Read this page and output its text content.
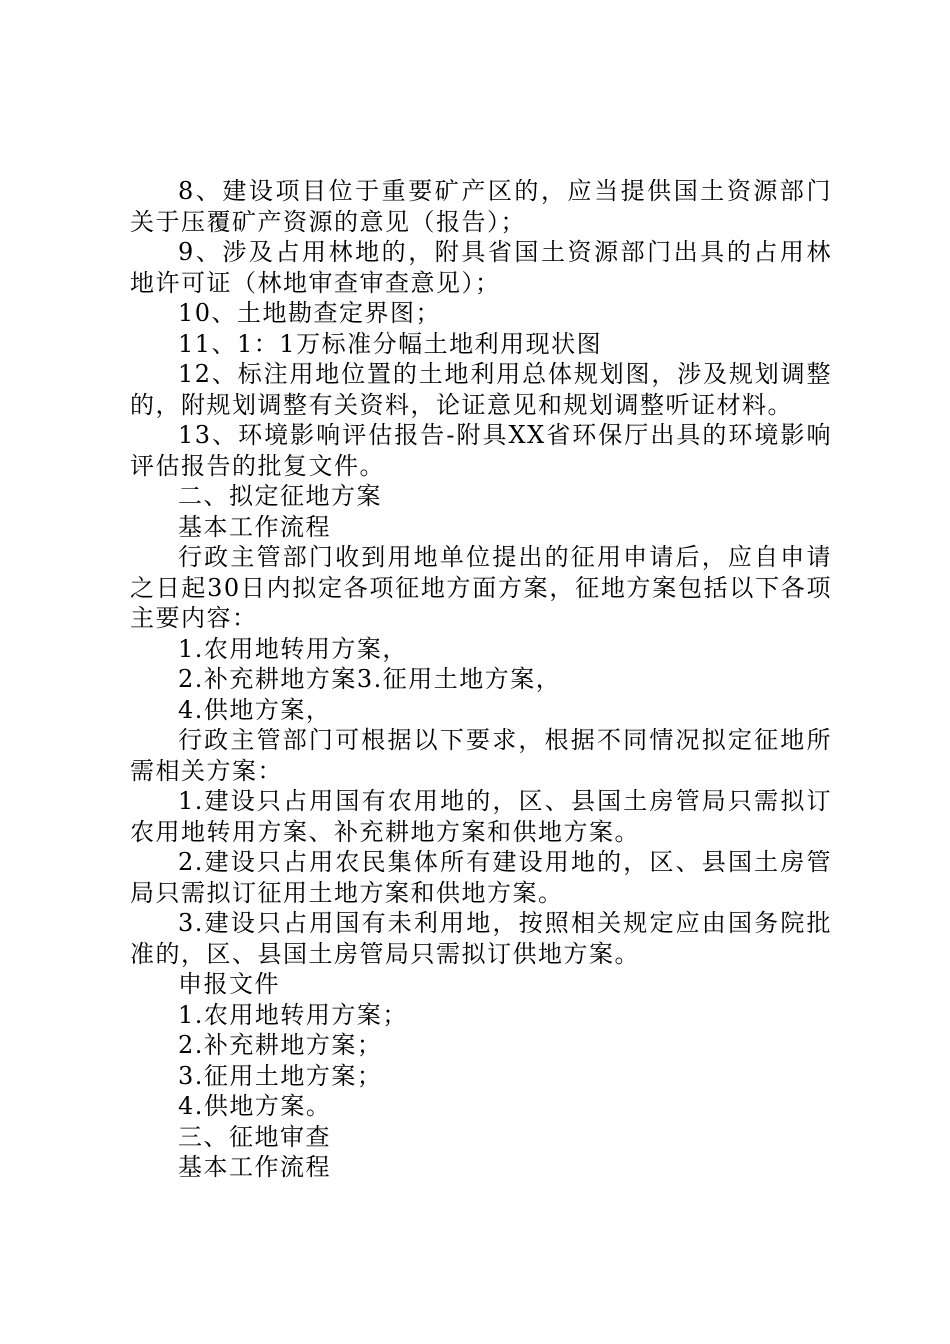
8、建设项目位于重要矿产区的，应当提供国土资源部门关于压覆矿产资源的意见（报告）；

9、涉及占用林地的，附具省国土资源部门出具的占用林地许可证（林地审查审查意见）；

10、土地勘查定界图；

11、1：1万标准分幅土地利用现状图

12、标注用地位置的土地利用总体规划图，涉及规划调整的，附规划调整有关资料，论证意见和规划调整听证材料。

13、环境影响评估报告-附具XX省环保厅出具的环境影响评估报告的批复文件。

二、拟定征地方案

基本工作流程

行政主管部门收到用地单位提出的征用申请后，应自申请之日起30日内拟定各项征地方面方案，征地方案包括以下各项主要内容：

1.农用地转用方案，

2.补充耕地方案3.征用土地方案，

4.供地方案，

行政主管部门可根据以下要求，根据不同情况拟定征地所需相关方案：

1.建设只占用国有农用地的，区、县国土房管局只需拟订农用地转用方案、补充耕地方案和供地方案。

2.建设只占用农民集体所有建设用地的，区、县国土房管局只需拟订征用土地方案和供地方案。

3.建设只占用国有未利用地，按照相关规定应由国务院批准的，区、县国土房管局只需拟订供地方案。

申报文件

1.农用地转用方案；

2.补充耕地方案；

3.征用土地方案；

4.供地方案。

三、征地审查

基本工作流程
